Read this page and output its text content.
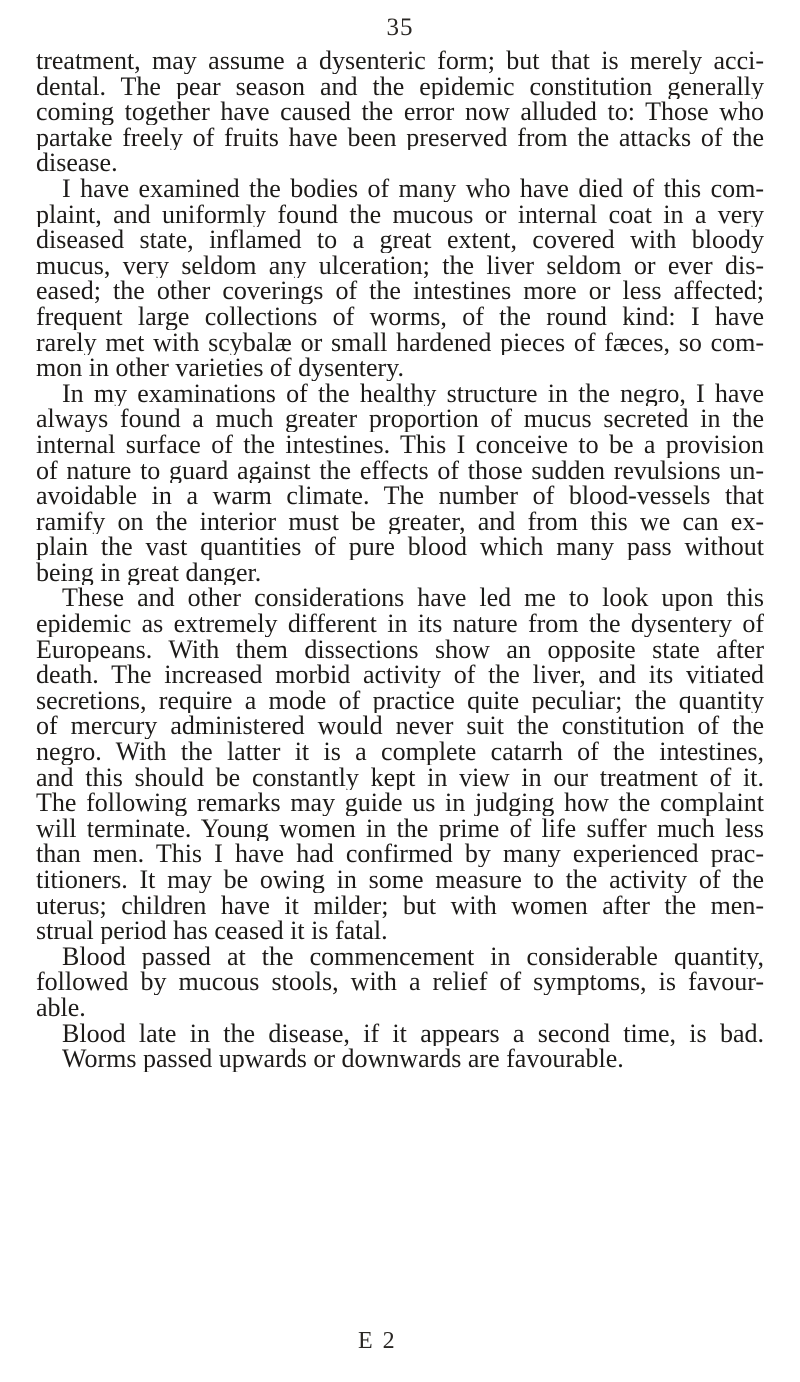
35
treatment, may assume a dysenteric form; but that is merely acci-
dental. The pear season and the epidemic constitution generally
coming together have caused the error now alluded to: Those who
partake freely of fruits have been preserved from the attacks of the
disease.
I have examined the bodies of many who have died of this com-
plaint, and uniformly found the mucous or internal coat in a very
diseased state, inflamed to a great extent, covered with bloody
mucus, very seldom any ulceration; the liver seldom or ever dis-
eased; the other coverings of the intestines more or less affected;
frequent large collections of worms, of the round kind: I have
rarely met with scybalæ or small hardened pieces of fæces, so com-
mon in other varieties of dysentery.
In my examinations of the healthy structure in the negro, I have
always found a much greater proportion of mucus secreted in the
internal surface of the intestines. This I conceive to be a provision
of nature to guard against the effects of those sudden revulsions un-
avoidable in a warm climate. The number of blood-vessels that
ramify on the interior must be greater, and from this we can ex-
plain the vast quantities of pure blood which many pass without
being in great danger.
These and other considerations have led me to look upon this
epidemic as extremely different in its nature from the dysentery of
Europeans. With them dissections show an opposite state after
death. The increased morbid activity of the liver, and its vitiated
secretions, require a mode of practice quite peculiar; the quantity
of mercury administered would never suit the constitution of the
negro. With the latter it is a complete catarrh of the intestines,
and this should be constantly kept in view in our treatment of it.
The following remarks may guide us in judging how the complaint
will terminate. Young women in the prime of life suffer much less
than men. This I have had confirmed by many experienced prac-
titioners. It may be owing in some measure to the activity of the
uterus; children have it milder; but with women after the men-
strual period has ceased it is fatal.
Blood passed at the commencement in considerable quantity,
followed by mucous stools, with a relief of symptoms, is favour-
able.
Blood late in the disease, if it appears a second time, is bad.
Worms passed upwards or downwards are favourable.
E 2
